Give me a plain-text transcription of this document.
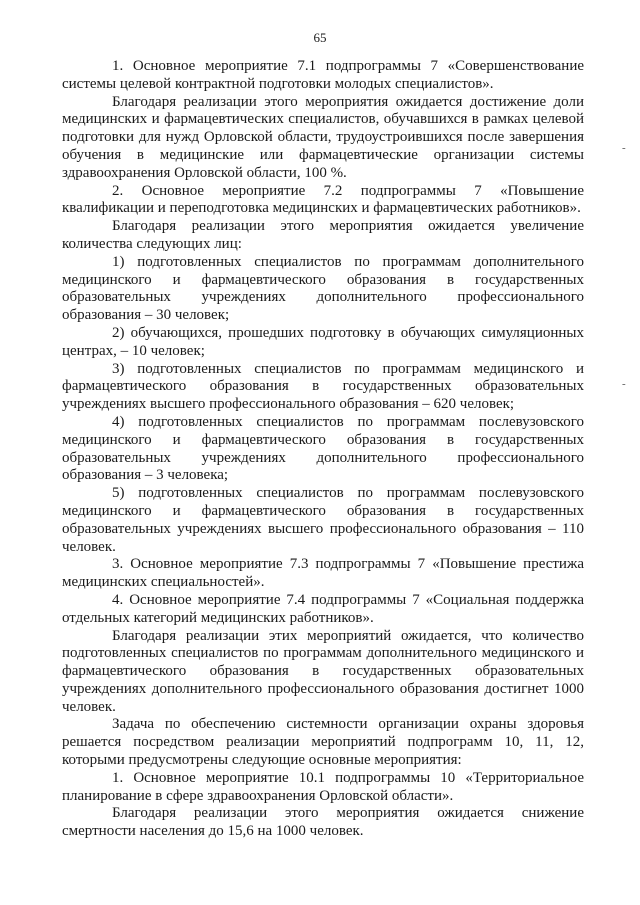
65

1. Основное мероприятие 7.1 подпрограммы 7 «Совершенствование системы целевой контрактной подготовки молодых специалистов».

Благодаря реализации этого мероприятия ожидается достижение доли медицинских и фармацевтических специалистов, обучавшихся в рамках целевой подготовки для нужд Орловской области, трудоустроившихся после завершения обучения в медицинские или фармацевтические организации системы здравоохранения Орловской области, 100 %.

2. Основное мероприятие 7.2 подпрограммы 7 «Повышение квалификации и переподготовка медицинских и фармацевтических работников».

Благодаря реализации этого мероприятия ожидается увеличение количества следующих лиц:

1) подготовленных специалистов по программам дополнительного медицинского и фармацевтического образования в государственных образовательных учреждениях дополнительного профессионального образования – 30 человек;

2) обучающихся, прошедших подготовку в обучающих симуляционных центрах, – 10 человек;

3) подготовленных специалистов по программам медицинского и фармацевтического образования в государственных образовательных учреждениях высшего профессионального образования – 620 человек;

4) подготовленных специалистов по программам послевузовского медицинского и фармацевтического образования в государственных образовательных учреждениях дополнительного профессионального образования – 3 человека;

5) подготовленных специалистов по программам послевузовского медицинского и фармацевтического образования в государственных образовательных учреждениях высшего профессионального образования – 110 человек.

3. Основное мероприятие 7.3 подпрограммы 7 «Повышение престижа медицинских специальностей».

4. Основное мероприятие 7.4 подпрограммы 7 «Социальная поддержка отдельных категорий медицинских работников».

Благодаря реализации этих мероприятий ожидается, что количество подготовленных специалистов по программам дополнительного медицинского и фармацевтического образования в государственных образовательных учреждениях дополнительного профессионального образования достигнет 1000 человек.

Задача по обеспечению системности организации охраны здоровья решается посредством реализации мероприятий подпрограмм 10, 11, 12, которыми предусмотрены следующие основные мероприятия:

1. Основное мероприятие 10.1 подпрограммы 10 «Территориальное планирование в сфере здравоохранения Орловской области».

Благодаря реализации этого мероприятия ожидается снижение смертности населения до 15,6 на 1000 человек.

-
-
